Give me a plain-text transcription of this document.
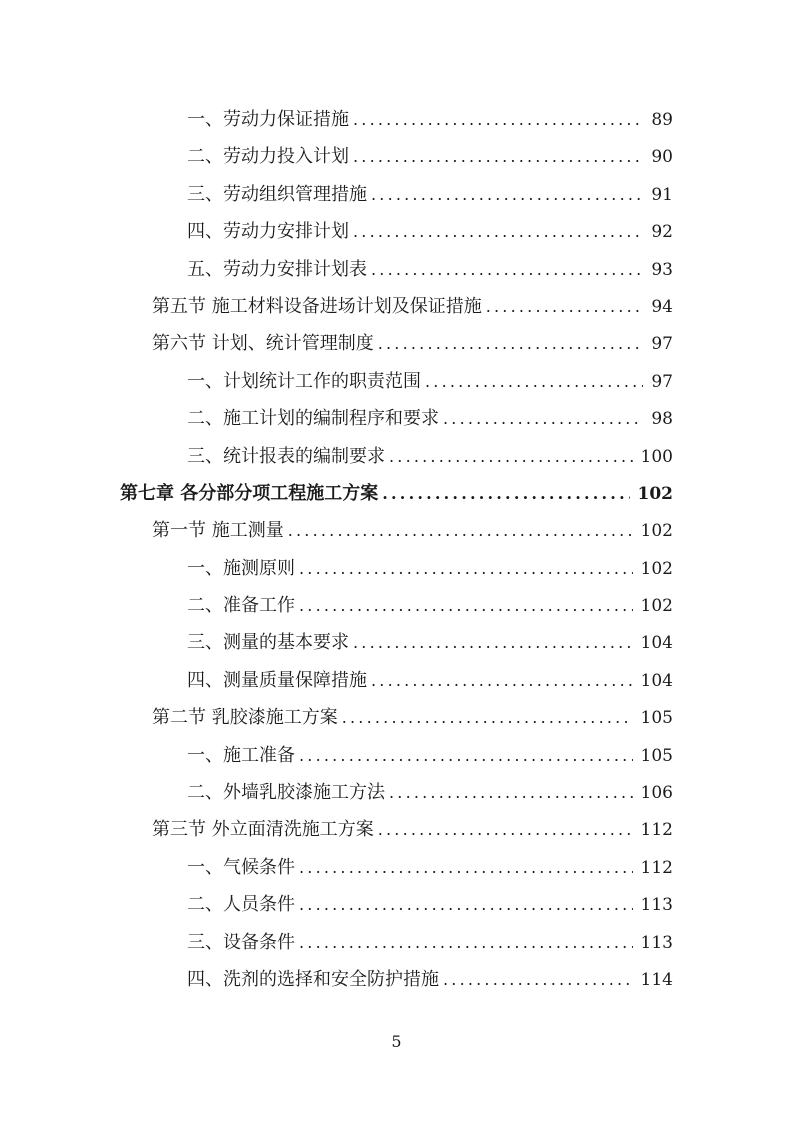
一、劳动力保证措施 .....	89
二、劳动力投入计划 .....	90
三、劳动组织管理措施 .....	91
四、劳动力安排计划 .....	92
五、劳动力安排计划表 .....	93
第五节 施工材料设备进场计划及保证措施 .....	94
第六节 计划、统计管理制度 .....	97
一、计划统计工作的职责范围 .....	97
二、施工计划的编制程序和要求 .....	98
三、统计报表的编制要求 .....	100
第七章 各分部分项工程施工方案 .....	102
第一节 施工测量 .....	102
一、施测原则 .....	102
二、准备工作 .....	102
三、测量的基本要求 .....	104
四、测量质量保障措施 .....	104
第二节 乳胶漆施工方案 .....	105
一、施工准备 .....	105
二、外墙乳胶漆施工方法 .....	106
第三节 外立面清洗施工方案 .....	112
一、气候条件 .....	112
二、人员条件 .....	113
三、设备条件 .....	113
四、洗剂的选择和安全防护措施 .....	114
5
